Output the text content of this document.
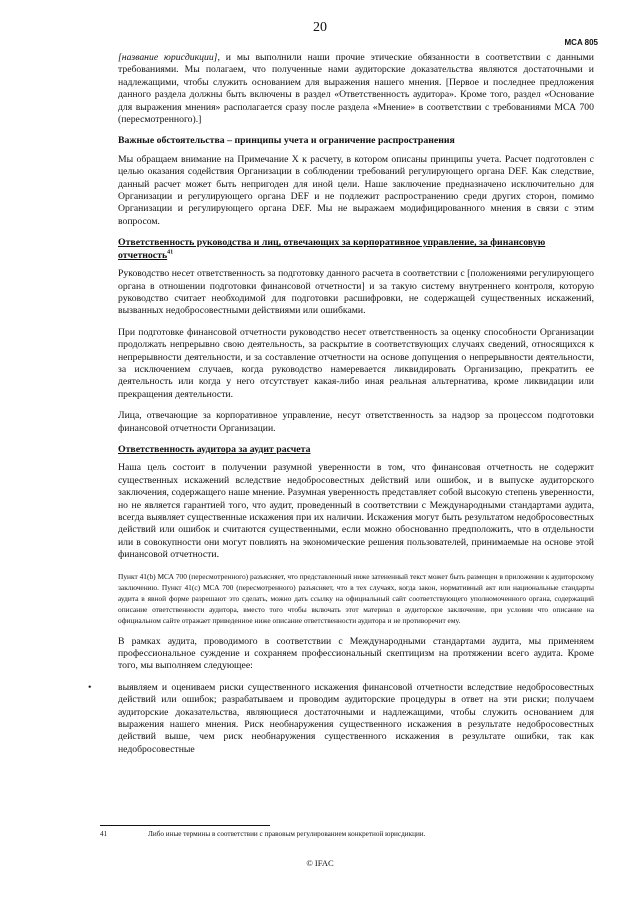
20
MCA 805

[название юрисдикции], и мы выполнили наши прочие этические обязанности в соответствии с данными требованиями. Мы полагаем, что полученные нами аудиторские доказательства являются достаточными и надлежащими, чтобы служить основанием для выражения нашего мнения. [Первое и последнее предложения данного раздела должны быть включены в раздел «Ответственность аудитора». Кроме того, раздел «Основание для выражения мнения» располагается сразу после раздела «Мнение» в соответствии с требованиями МСА 700 (пересмотренного).]

Важные обстоятельства – принципы учета и ограничение распространения

Мы обращаем внимание на Примечание X к расчету, в котором описаны принципы учета. Расчет подготовлен с целью оказания содействия Организации в соблюдении требований регулирующего органа DEF. Как следствие, данный расчет может быть непригоден для иной цели. Наше заключение предназначено исключительно для Организации и регулирующего органа DEF и не подлежит распространению среди других сторон, помимо Организации и регулирующего органа DEF. Мы не выражаем модифицированного мнения в связи с этим вопросом.

Ответственность руководства и лиц, отвечающих за корпоративное управление, за финансовую отчетность$^{41}$

Руководство несет ответственность за подготовку данного расчета в соответствии с [положениями регулирующего органа в отношении подготовки финансовой отчетности] и за такую систему внутреннего контроля, которую руководство считает необходимой для подготовки расшифровки, не содержащей существенных искажений, вызванных недобросовестными действиями или ошибками.

При подготовке финансовой отчетности руководство несет ответственность за оценку способности Организации продолжать непрерывно свою деятельность, за раскрытие в соответствующих случаях сведений, относящихся к непрерывности деятельности, и за составление отчетности на основе допущения о непрерывности деятельности, за исключением случаев, когда руководство намеревается ликвидировать Организацию, прекратить ее деятельность или когда у него отсутствует какая-либо иная реальная альтернатива, кроме ликвидации или прекращения деятельности.

Лица, отвечающие за корпоративное управление, несут ответственность за надзор за процессом подготовки финансовой отчетности Организации.

Ответственность аудитора за аудит расчета

Наша цель состоит в получении разумной уверенности в том, что финансовая отчетность не содержит существенных искажений вследствие недобросовестных действий или ошибок, и в выпуске аудиторского заключения, содержащего наше мнение. Разумная уверенность представляет собой высокую степень уверенности, но не является гарантией того, что аудит, проведенный в соответствии с Международными стандартами аудита, всегда выявляет существенные искажения при их наличии. Искажения могут быть результатом недобросовестных действий или ошибок и считаются существенными, если можно обоснованно предположить, что в отдельности или в совокупности они могут повлиять на экономические решения пользователей, принимаемые на основе этой финансовой отчетности.

Пункт 41(b) МСА 700 (пересмотренного) разъясняет, что представленный ниже затененный текст может быть размещен в приложении к аудиторскому заключению. Пункт 41(c) МСА 700 (пересмотренного) разъясняет, что в тех случаях, когда закон, нормативный акт или национальные стандарты аудита в явной форме разрешают это сделать, можно дать ссылку на официальный сайт соответствующего уполномоченного органа, содержащий описание ответственности аудитора, вместо того чтобы включать этот материал в аудиторское заключение, при условии что описание на официальном сайте отражает приведенное ниже описание ответственности аудитора и не противоречит ему.

В рамках аудита, проводимого в соответствии с Международными стандартами аудита, мы применяем профессиональное суждение и сохраняем профессиональный скептицизм на протяжении всего аудита. Кроме того, мы выполняем следующее:

•	выявляем и оцениваем риски существенного искажения финансовой отчетности вследствие недобросовестных действий или ошибок; разрабатываем и проводим аудиторские процедуры в ответ на эти риски; получаем аудиторские доказательства, являющиеся достаточными и надлежащими, чтобы служить основанием для выражения нашего мнения. Риск необнаружения существенного искажения в результате недобросовестных действий выше, чем риск необнаружения существенного искажения в результате ошибки, так как недобросовестные
41	Либо иные термины в соответствии с правовым регулированием конкретной юрисдикции.
© IFAC
